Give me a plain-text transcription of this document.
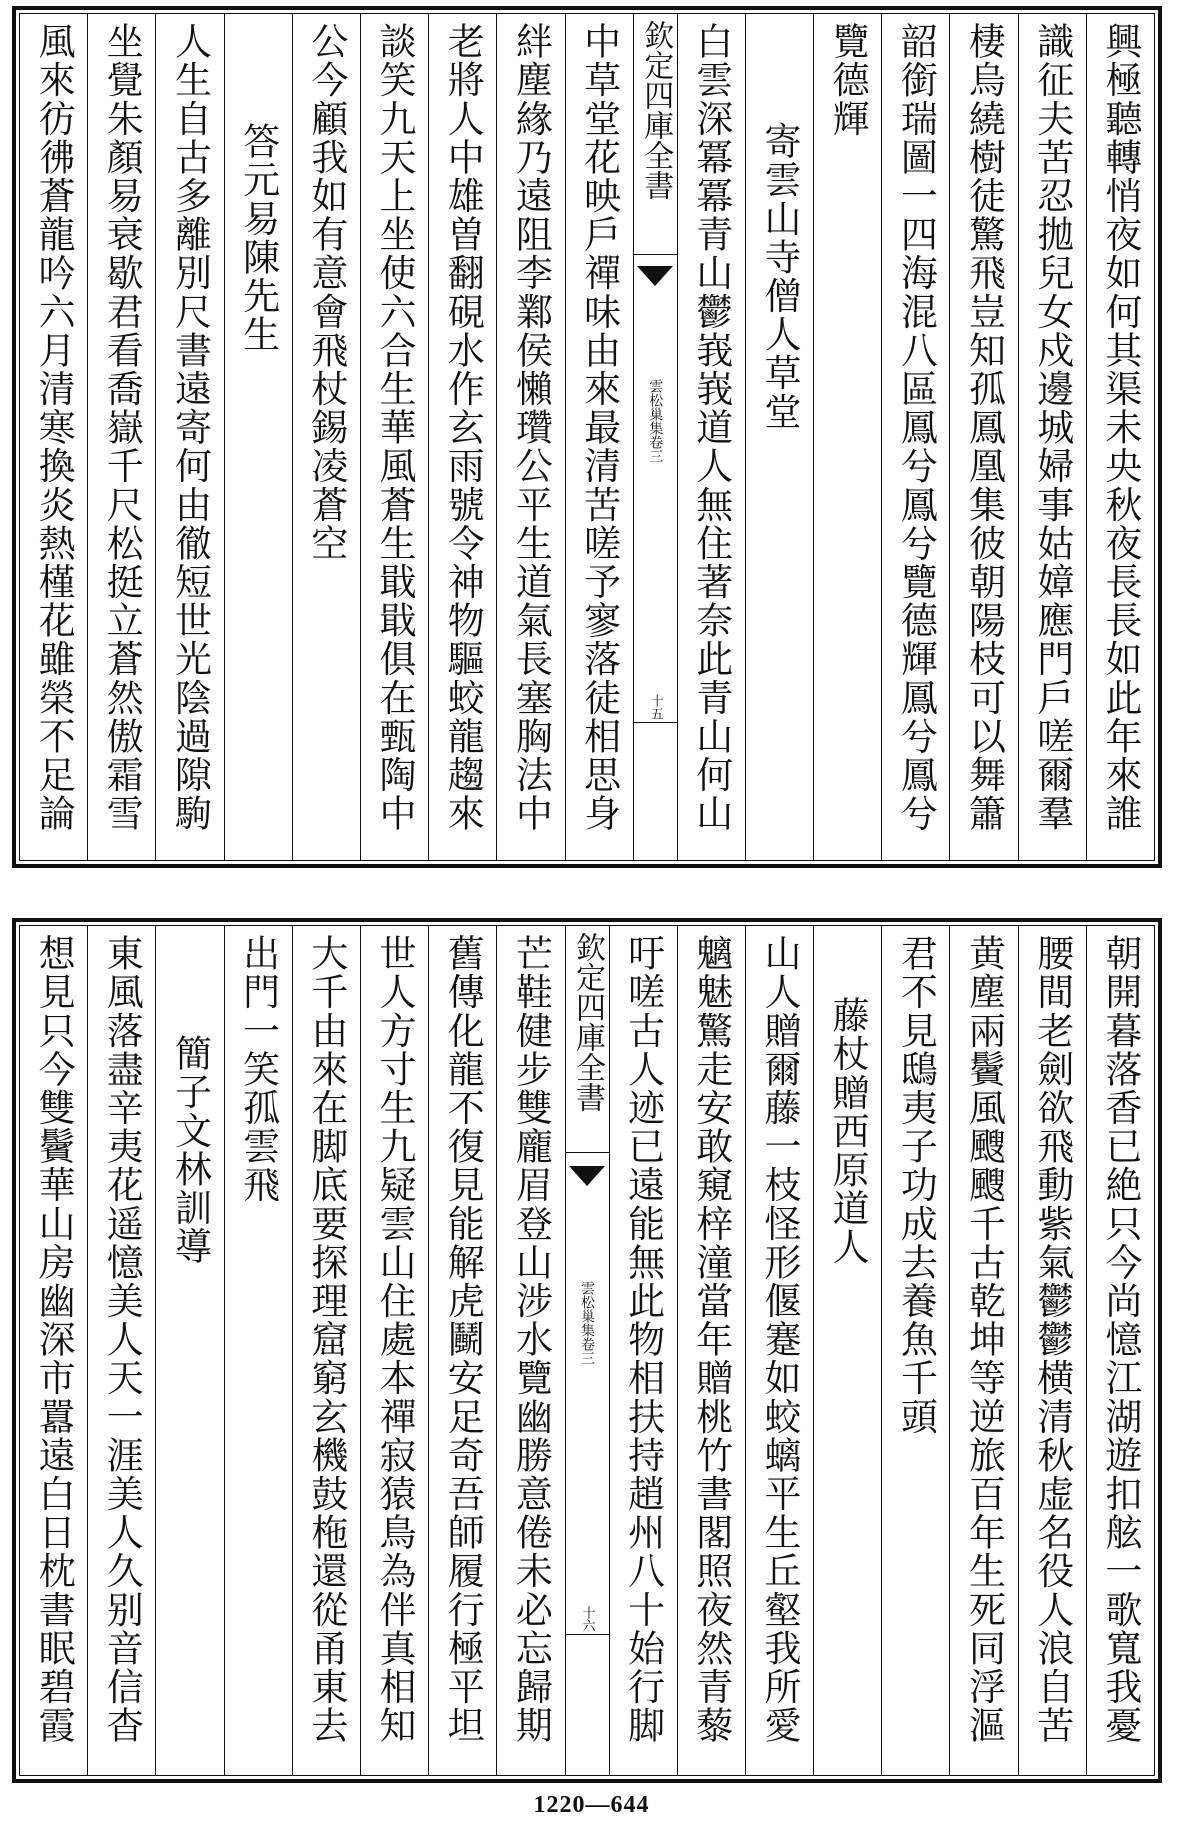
興極聽轉悄夜如何其渠未央秋夜長長如此年來誰
識征夫苦忍拋兒女戍邊城婦事姑嫜應門戶嗟爾羣
棲烏繞樹徒驚飛豈知孤鳳凰集彼朝陽枝可以舞簫
韶銜瑞圖一四海混八區鳳兮鳳兮覽德輝鳳兮鳳兮
覽德輝
寄雲山寺僧人草堂
白雲深冪冪青山鬱峩峩道人無住著奈此青山何山
欽定四庫全書
雲松巢集卷三
十五
中草堂花映戶禪味由來最清苦嗟予寥落徒相思身
絆塵緣乃遠阻李鄴侯懶瓚公平生道氣長塞胸法中
老將人中雄曽翻硯水作玄雨號令神物驅蛟龍趨來
談笑九天上坐使六合生華風蒼生戢戢俱在甄陶中
公今顧我如有意會飛杖錫凌蒼空
答元易陳先生
人生自古多離別尺書遠寄何由徹短世光陰過隙駒
坐覺朱顏易衰歇君看喬嶽千尺松挺立蒼然傲霜雪
風來彷彿蒼龍吟六月清寒換炎熱槿花雖榮不足論
朝開暮落香已絶只今尚憶江湖遊扣舷一歌寬我憂
腰間老劍欲飛動紫氣鬱鬱横清秋虚名役人浪自苦
黄塵兩鬢風颼颼千古乾坤等逆旅百年生死同浮漚
君不見鴟夷子功成去養魚千頭
藤杖贈西原道人
山人贈爾藤一枝怪形偃蹇如蛟螭平生丘壑我所愛
魑魅驚走安敢窺梓潼當年贈桃竹書閣照夜然青藜
吁嗟古人迹已遠能無此物相扶持趙州八十始行脚
欽定四庫全書
雲松巢集卷三
十六
芒鞋健步雙龐眉登山涉水覽幽勝意倦未必忘歸期
舊傳化龍不復見能解虎鬭安足奇吾師履行極平坦
世人方寸生九疑雲山住處本禪寂猿鳥為伴真相知
大千由來在脚底要探理窟窮玄機鼓柂還從甬東去
出門一笑孤雲飛
簡子文林訓導
東風落盡辛夷花遥憶美人天一涯美人久别音信杳
想見只今雙鬢華山房幽深市囂遠白日枕書眠碧霞
1220—644
